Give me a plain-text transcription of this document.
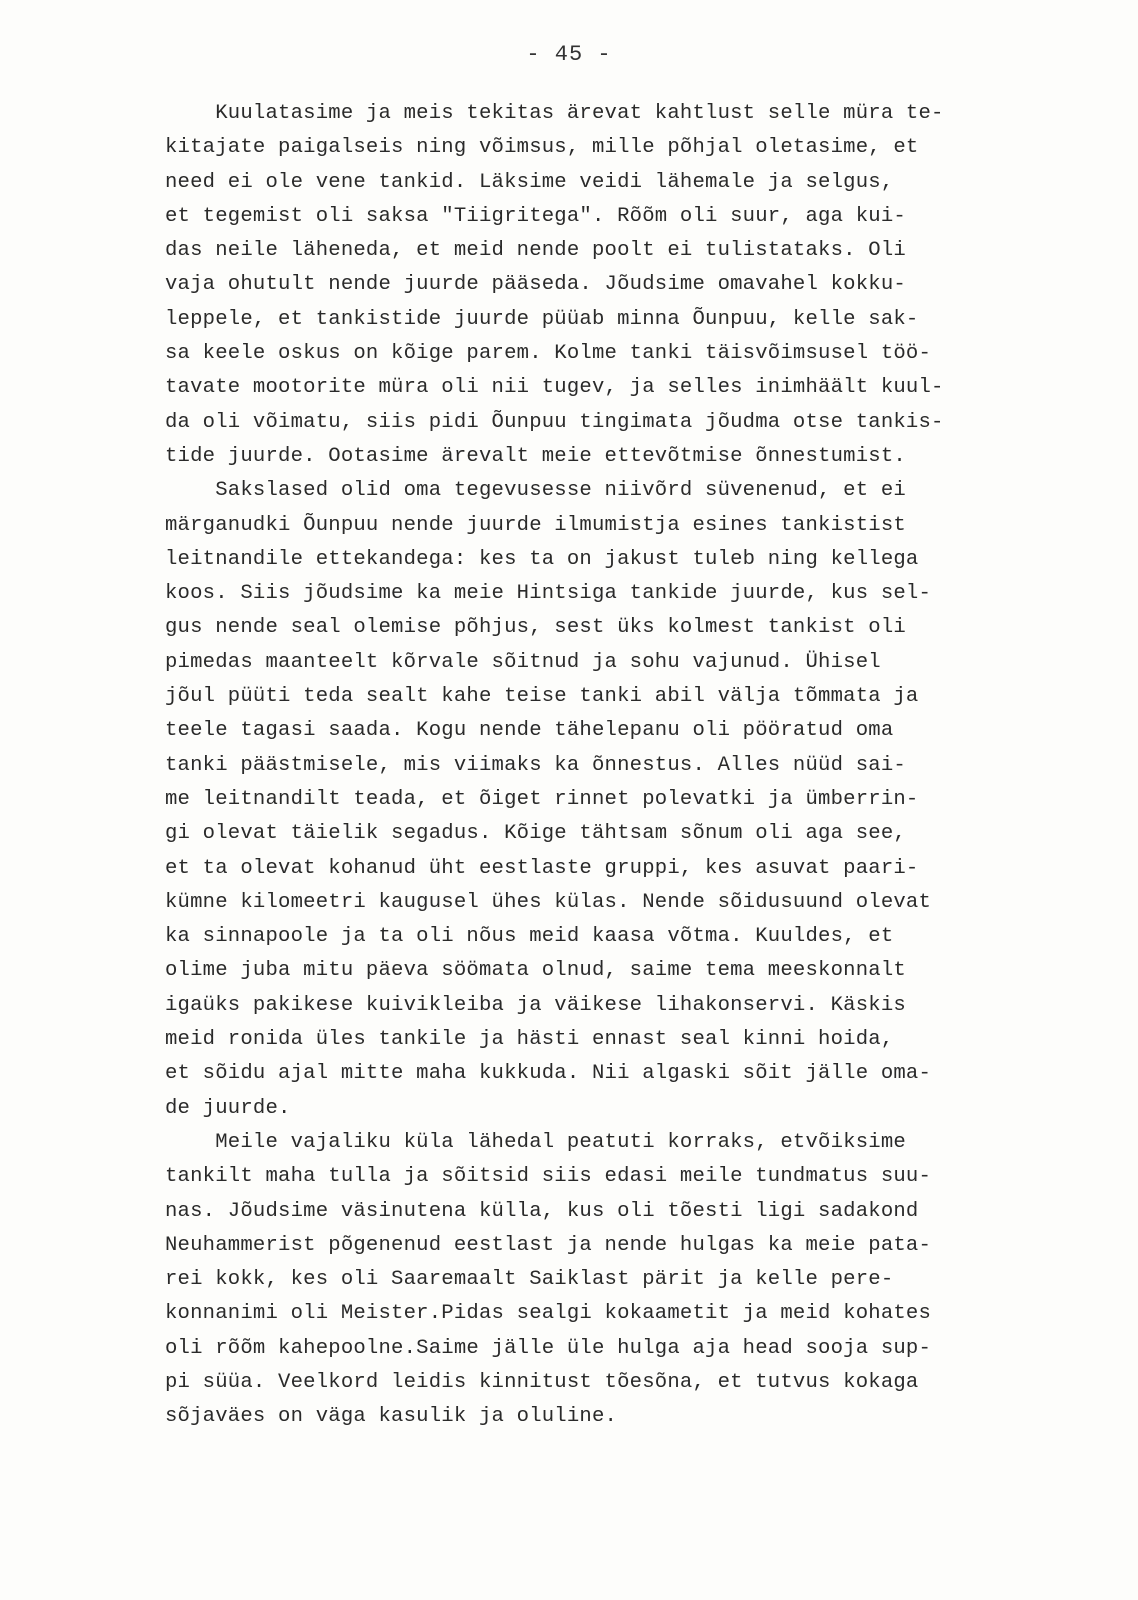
- 45 -
Kuulatasime ja meis tekitas ärevat kahtlust selle müra te-
kitajate paigalseis ning võimsus, mille põhjal oletasime, et
need ei ole vene tankid. Läksime veidi lähemale ja selgus,
et tegemist oli saksa "Tiigritega". Rõõm oli suur, aga kui-
das neile läheneda, et meid nende poolt ei tulistataks. Oli
vaja ohutult nende juurde pääseda. Jõudsime omavahel kokku-
leppele, et tankistide juurde püüab minna Õunpuu, kelle sak-
sa keele oskus on kõige parem. Kolme tanki täisvõimsusel töö-
tavate mootorite müra oli nii tugev, ja selles inimhäält kuul-
da oli võimatu, siis pidi Õunpuu tingimata jõudma otse tankis-
tide juurde. Ootasime ärevalt meie ettevõtmise õnnestumist.
Sakslased olid oma tegevusesse niivõrd süvenenud, et ei
märganudki Õunpuu nende juurde ilmumistja esines tankistist
leitnandile ettekandega: kes ta on jakust tuleb ning kellega
koos. Siis jõudsime ka meie Hintsiga tankide juurde, kus sel-
gus nende seal olemise põhjus, sest üks kolmest tankist oli
pimedas maanteelt kõrvale sõitnud ja sohu vajunud. Ühisel
jõul püüti teda sealt kahe teise tanki abil välja tõmmata ja
teele tagasi saada. Kogu nende tähelepanu oli pööratud oma
tanki päästmisele, mis viimaks ka õnnestus. Alles nüüd sai-
me leitnandilt teada, et õiget rinnet polevatki ja ümberrin-
gi olevat täielik segadus. Kõige tähtsam sõnum oli aga see,
et ta olevat kohanud üht eestlaste gruppi, kes asuvat paari-
kümne kilomeetri kaugusel ühes külas. Nende sõidusuund olevat
ka sinnapoole ja ta oli nõus meid kaasa võtma. Kuuldes, et
olime juba mitu päeva söömata olnud, saime tema meeskonnalt
igaüks pakikese kuivikleiba ja väikese lihakonservi. Käskis
meid ronida üles tankile ja hästi ennast seal kinni hoida,
et sõidu ajal mitte maha kukkuda. Nii algaski sõit jälle oma-
de juurde.
Meile vajaliku küla lähedal peatuti korraks, etvõiksime
tankilt maha tulla ja sõitsid siis edasi meile tundmatus suu-
nas. Jõudsime väsinutena külla, kus oli tõesti ligi sadakond
Neuhammerist põgenenud eestlast ja nende hulgas ka meie pata-
rei kokk, kes oli Saaremaalt Saiklast pärit ja kelle pere-
konnanimi oli Meister.Pidas sealgi kokaametit ja meid kohates
oli rõõm kahepoolne.Saime jälle üle hulga aja head sooja sup-
pi süüa. Veelkord leidis kinnitust tõesõna, et tutvus kokaga
sõjaväes on väga kasulik ja oluline.
